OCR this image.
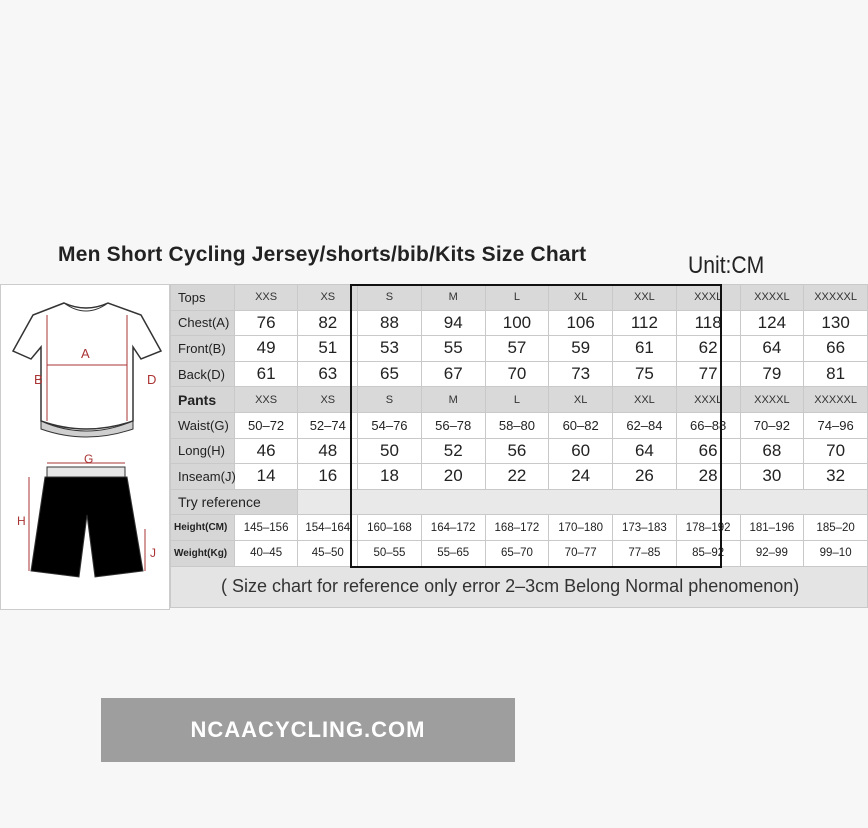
Men Short Cycling Jersey/shorts/bib/Kits Size Chart	Unit:CM
A
B	D
G
H
J
Tops	XXS	XS	S	M	L	XL	XXL	XXXL	XXXXL	XXXXXL
Chest(A)	76	82	88	94	100	106	112	118	124	130
Front(B)	49	51	53	55	57	59	61	62	64	66
Back(D)	61	63	65	67	70	73	75	77	79	81
Pants	XXS	XS	S	M	L	XL	XXL	XXXL	XXXXL	XXXXXL
Waist(G)	50–72	52–74	54–76	56–78	58–80	60–82	62–84	66–88	70–92	74–96
Long(H)	46	48	50	52	56	60	64	66	68	70
Inseam(J)	14	16	18	20	22	24	26	28	30	32
Try reference										
Height(CM)	145–156	154–164	160–168	164–172	168–172	170–180	173–183	178–192	181–196	185–20
Weight(Kg)	40–45	45–50	50–55	55–65	65–70	70–77	77–85	85–92	92–99	99–10
( Size chart for reference only error 2–3cm Belong Normal phenomenon)										
NCAACYCLING.COM
